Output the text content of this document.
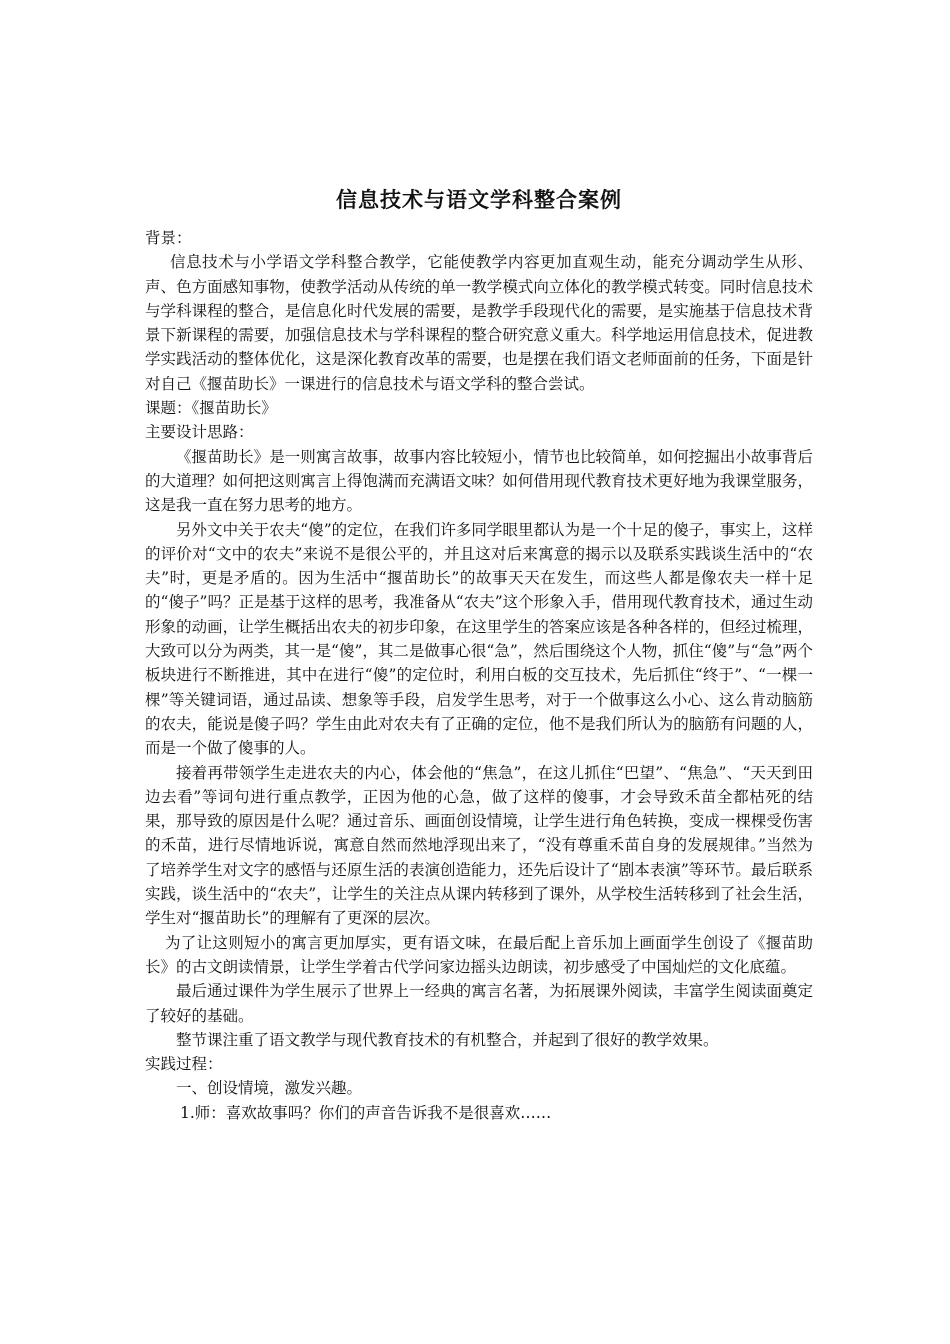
信息技术与语文学科整合案例

背景：

信息技术与小学语文学科整合教学，它能使教学内容更加直观生动，能充分调动学生从形、声、色方面感知事物，使教学活动从传统的单一教学模式向立体化的教学模式转变。同时信息技术与学科课程的整合，是信息化时代发展的需要，是教学手段现代化的需要，是实施基于信息技术背景下新课程的需要，加强信息技术与学科课程的整合研究意义重大。科学地运用信息技术，促进教学实践活动的整体优化，这是深化教育改革的需要，也是摆在我们语文老师面前的任务，下面是针对自己《揠苗助长》一课进行的信息技术与语文学科的整合尝试。

课题：《揠苗助长》

主要设计思路：

《揠苗助长》是一则寓言故事，故事内容比较短小，情节也比较简单，如何挖掘出小故事背后的大道理？如何把这则寓言上得饱满而充满语文味？如何借用现代教育技术更好地为我课堂服务，这是我一直在努力思考的地方。

另外文中关于农夫“傻”的定位，在我们许多同学眼里都认为是一个十足的傻子，事实上，这样的评价对“文中的农夫”来说不是很公平的，并且这对后来寓意的揭示以及联系实践谈生活中的“农夫”时，更是矛盾的。因为生活中“揠苗助长”的故事天天在发生，而这些人都是像农夫一样十足的“傻子”吗？正是基于这样的思考，我准备从“农夫”这个形象入手，借用现代教育技术，通过生动形象的动画，让学生概括出农夫的初步印象，在这里学生的答案应该是各种各样的，但经过梳理，大致可以分为两类，其一是“傻”，其二是做事心很“急”，然后围绕这个人物，抓住“傻”与“急”两个板块进行不断推进，其中在进行“傻”的定位时，利用白板的交互技术，先后抓住“终于”、“一棵一棵”等关键词语，通过品读、想象等手段，启发学生思考，对于一个做事这么小心、这么肯动脑筋的农夫，能说是傻子吗？学生由此对农夫有了正确的定位，他不是我们所认为的脑筋有问题的人，而是一个做了傻事的人。

接着再带领学生走进农夫的内心，体会他的“焦急”，在这儿抓住“巴望”、“焦急”、“天天到田边去看”等词句进行重点教学，正因为他的心急，做了这样的傻事，才会导致禾苗全都枯死的结果，那导致的原因是什么呢？通过音乐、画面创设情境，让学生进行角色转换，变成一棵棵受伤害的禾苗，进行尽情地诉说，寓意自然而然地浮现出来了，“没有尊重禾苗自身的发展规律。”当然为了培养学生对文字的感悟与还原生活的表演创造能力，还先后设计了“剧本表演”等环节。最后联系实践，谈生活中的“农夫”，让学生的关注点从课内转移到了课外，从学校生活转移到了社会生活，学生对“揠苗助长”的理解有了更深的层次。

为了让这则短小的寓言更加厚实，更有语文味，在最后配上音乐加上画面学生创设了《揠苗助长》的古文朗读情景，让学生学着古代学问家边摇头边朗读，初步感受了中国灿烂的文化底蕴。

最后通过课件为学生展示了世界上一经典的寓言名著，为拓展课外阅读，丰富学生阅读面奠定了较好的基础。

整节课注重了语文教学与现代教育技术的有机整合，并起到了很好的教学效果。

实践过程：

一、创设情境，激发兴趣。

1.师：喜欢故事吗？你们的声音告诉我不是很喜欢……
